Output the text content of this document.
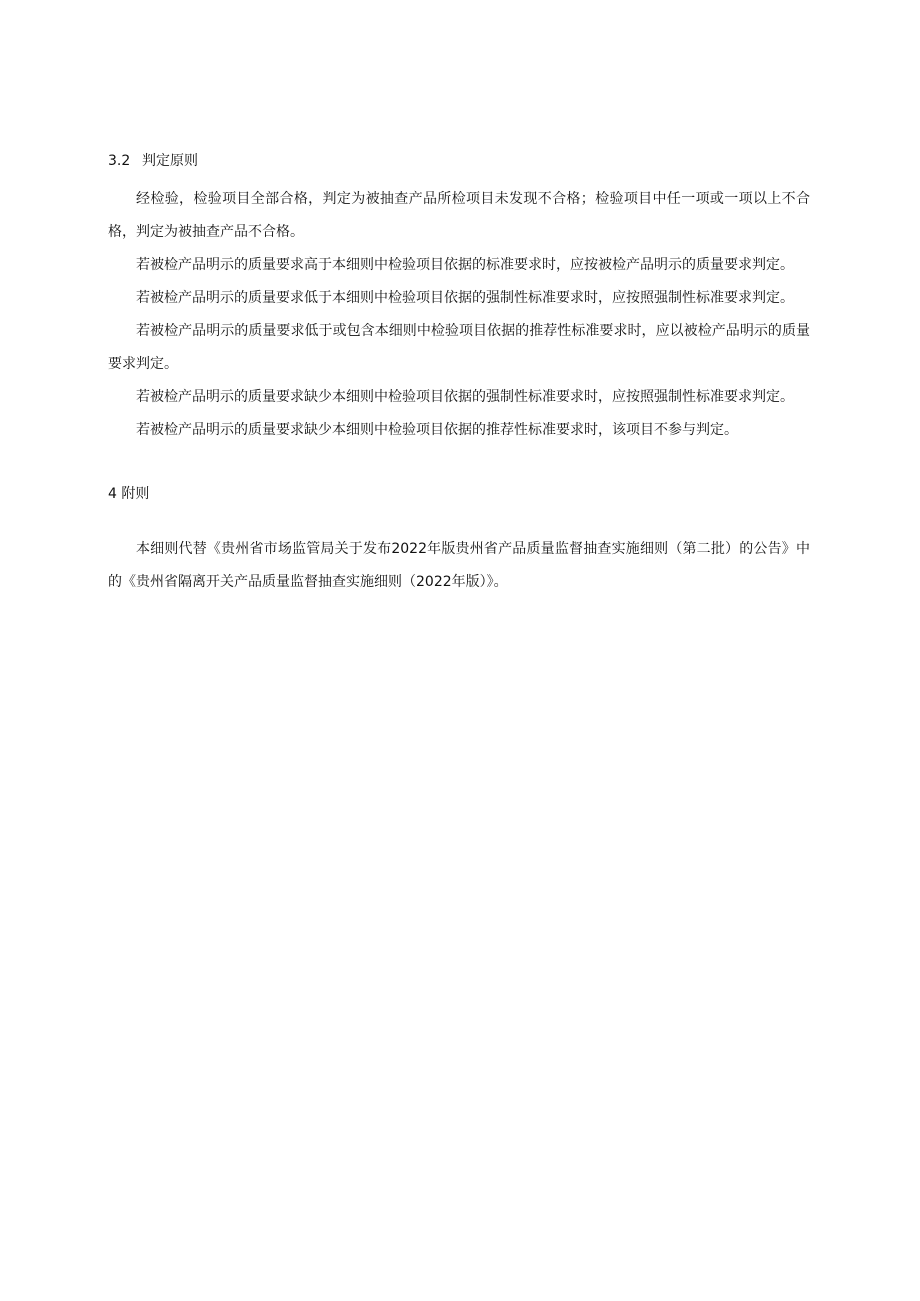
3.2 判定原则

经检验，检验项目全部合格，判定为被抽查产品所检项目未发现不合格；检验项目中任一项或一项以上不合格，判定为被抽查产品不合格。

若被检产品明示的质量要求高于本细则中检验项目依据的标准要求时，应按被检产品明示的质量要求判定。

若被检产品明示的质量要求低于本细则中检验项目依据的强制性标准要求时，应按照强制性标准要求判定。

若被检产品明示的质量要求低于或包含本细则中检验项目依据的推荐性标准要求时，应以被检产品明示的质量要求判定。

若被检产品明示的质量要求缺少本细则中检验项目依据的强制性标准要求时，应按照强制性标准要求判定。

若被检产品明示的质量要求缺少本细则中检验项目依据的推荐性标准要求时，该项目不参与判定。

4 附则

本细则代替《贵州省市场监管局关于发布2022年版贵州省产品质量监督抽查实施细则（第二批）的公告》中的《贵州省隔离开关产品质量监督抽查实施细则（2022年版）》。
